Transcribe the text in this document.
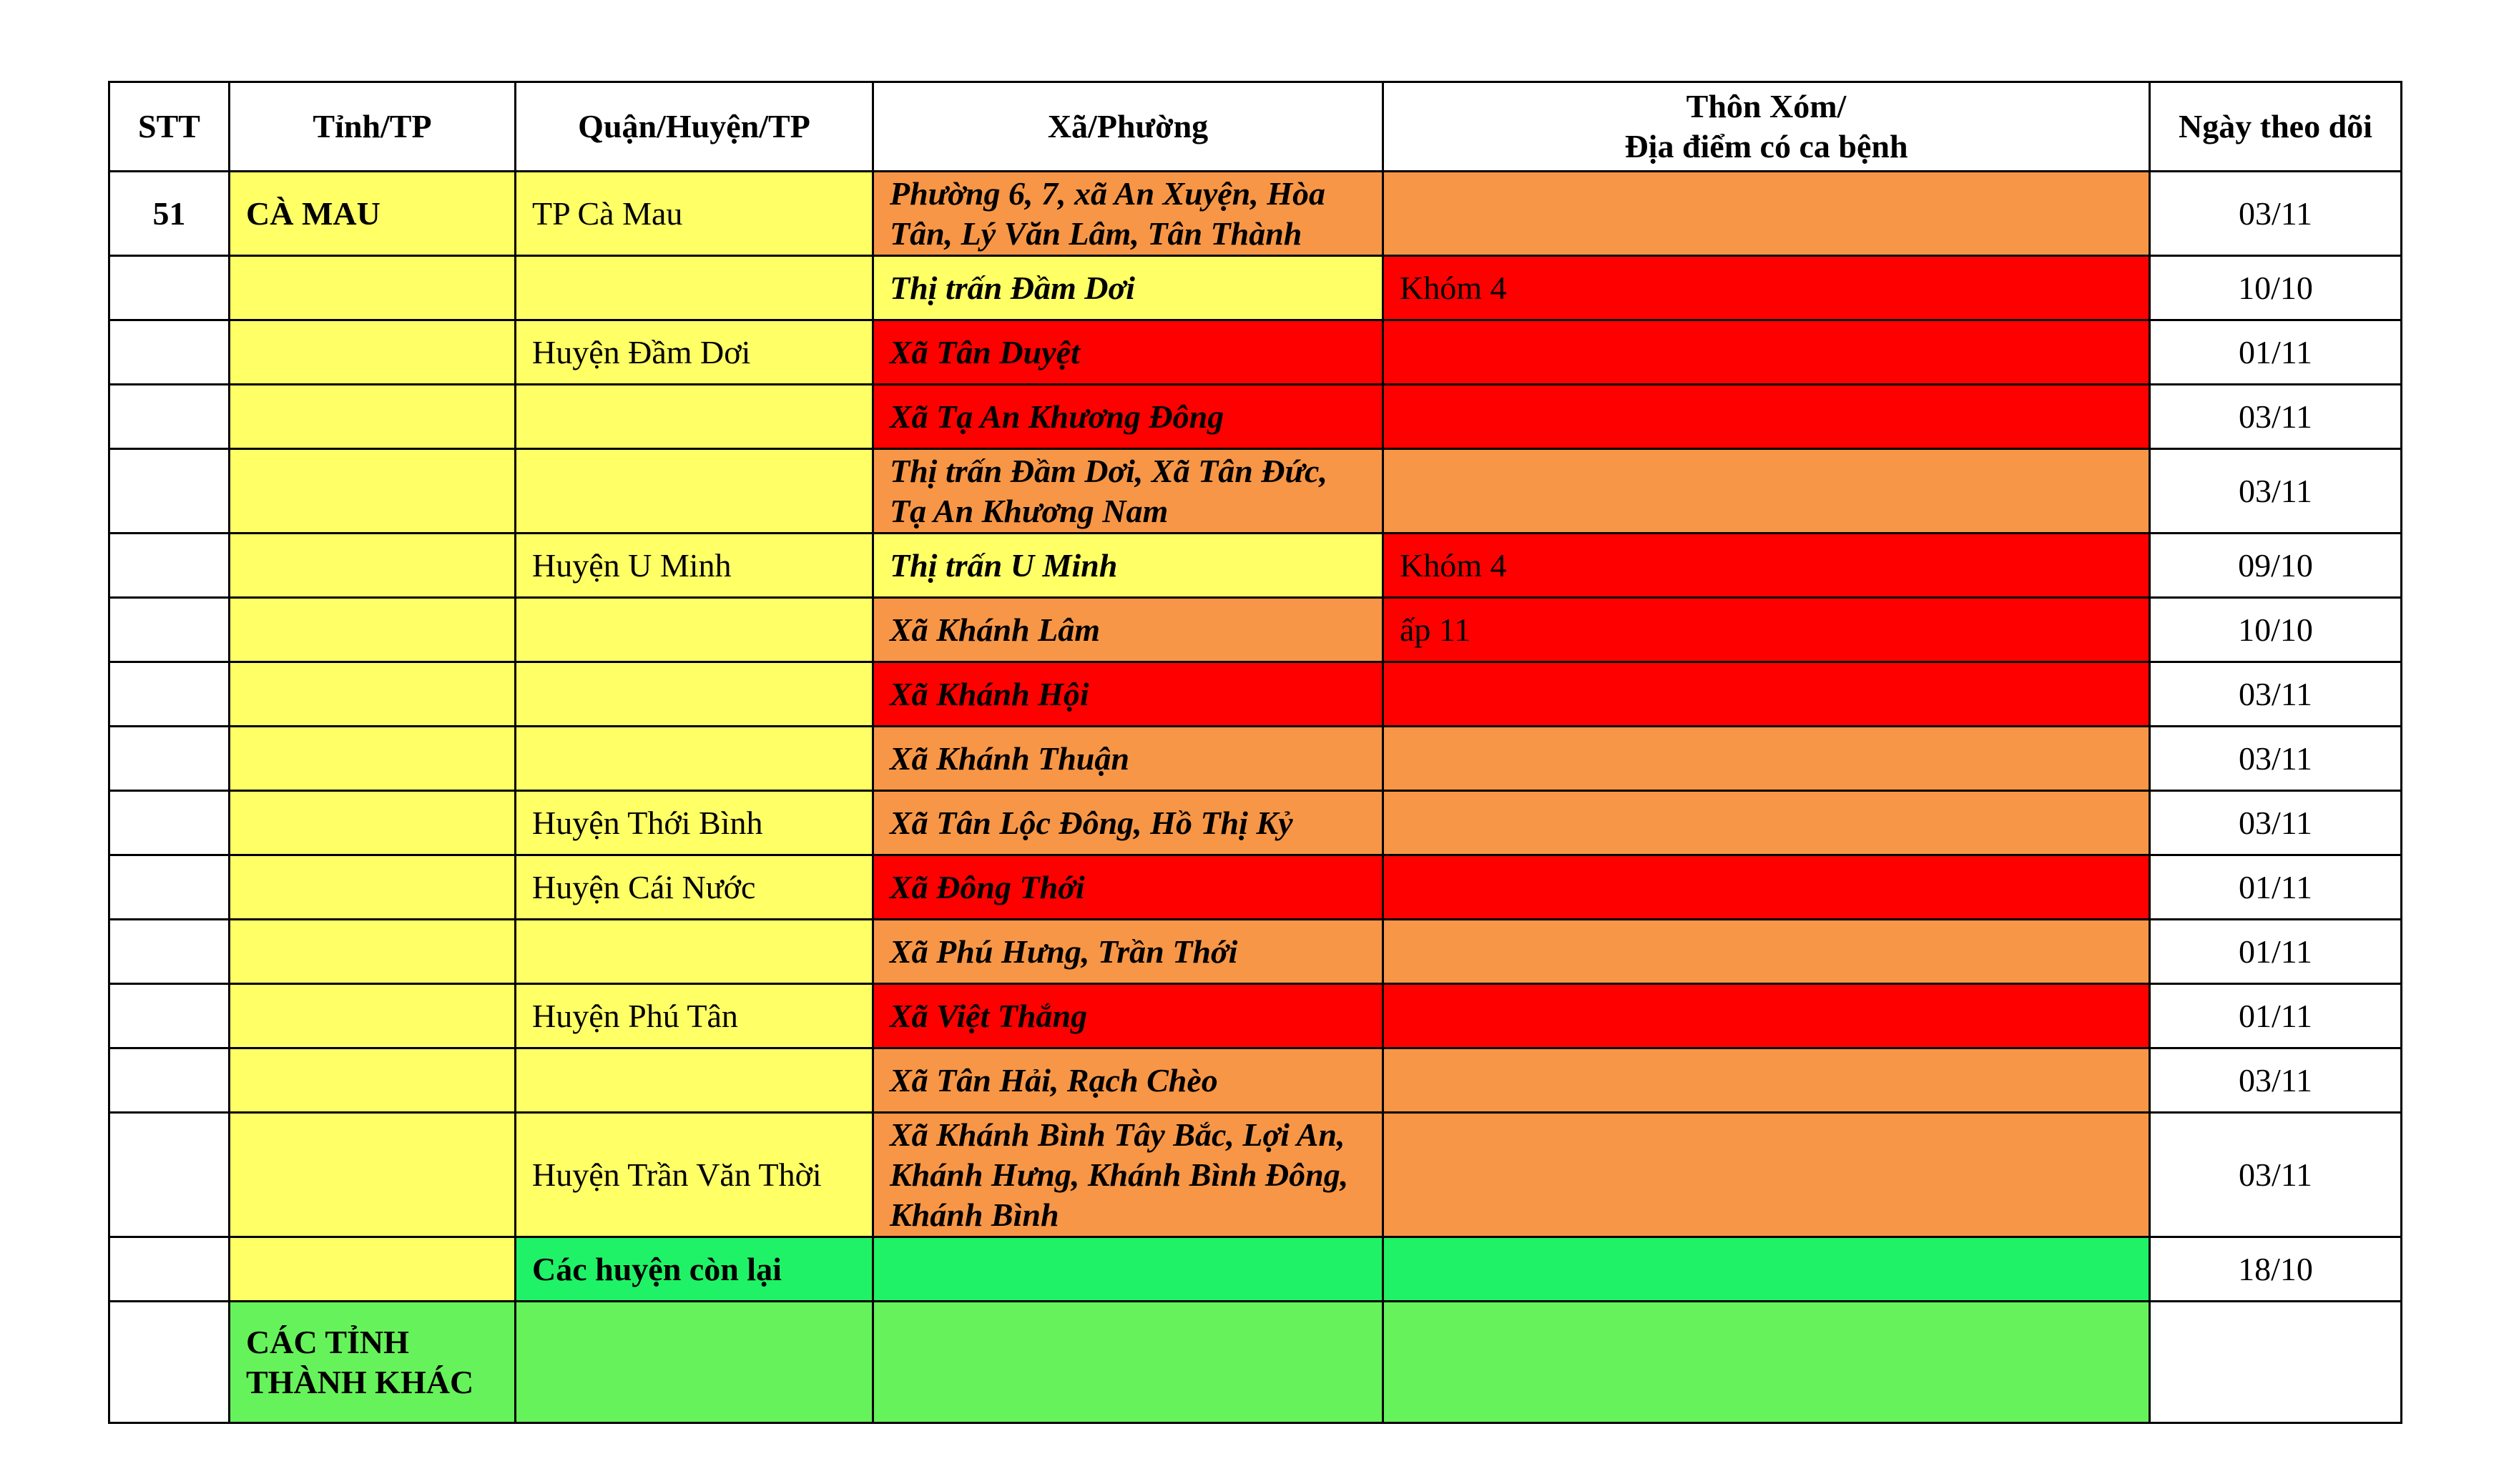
STT	Tỉnh/TP	Quận/Huyện/TP	Xã/Phường	Thôn Xóm/
Địa điểm có ca bệnh	Ngày theo dõi
51	CÀ MAU	TP Cà Mau	Phường 6, 7, xã An Xuyện, Hòa Tân, Lý Văn Lâm, Tân Thành		03/11
			Thị trấn Đầm Dơi	Khóm 4	10/10
		Huyện Đầm Dơi	Xã Tân Duyệt		01/11
			Xã Tạ An Khương Đông		03/11
			Thị trấn Đầm Dơi, Xã Tân Đức, Tạ An Khương Nam		03/11
		Huyện U Minh	Thị trấn U Minh	Khóm 4	09/10
			Xã Khánh Lâm	ấp 11	10/10
			Xã Khánh Hội		03/11
			Xã Khánh Thuận		03/11
		Huyện Thới Bình	Xã Tân Lộc Đông, Hồ Thị Kỷ		03/11
		Huyện Cái Nước	Xã Đông Thới		01/11
			Xã Phú Hưng, Trần Thới		01/11
		Huyện Phú Tân	Xã Việt Thắng		01/11
			Xã Tân Hải, Rạch Chèo		03/11
		Huyện Trần Văn Thời	Xã Khánh Bình Tây Bắc, Lợi An, Khánh Hưng, Khánh Bình Đông, Khánh Bình		03/11
		Các huyện còn lại			18/10
	CÁC TỈNH THÀNH KHÁC				
